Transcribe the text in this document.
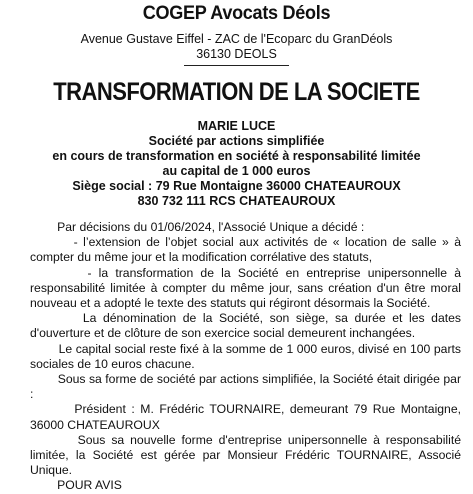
COGEP Avocats Déols
Avenue Gustave Eiffel - ZAC de l'Ecoparc du GranDéols
36130 DEOLS
TRANSFORMATION DE LA SOCIETE
MARIE LUCE
Société par actions simplifiée
en cours de transformation en société à responsabilité limitée
au capital de 1 000 euros
Siège social : 79 Rue Montaigne 36000 CHATEAUROUX
830 732 111 RCS CHATEAUROUX

Par décisions du 01/06/2024, l'Associé Unique a décidé :

- l’extension de l’objet social aux activités de « location de salle » à compter du même jour et la modification corrélative des statuts,

- la transformation de la Société en entreprise unipersonnelle à responsabilité limitée à compter du même jour, sans création d'un être moral nouveau et a adopté le texte des statuts qui régiront désormais la Société.

La dénomination de la Société, son siège, sa durée et les dates d'ouverture et de clôture de son exercice social demeurent inchangées.

Le capital social reste fixé à la somme de 1 000 euros, divisé en 100 parts sociales de 10 euros chacune.

Sous sa forme de société par actions simplifiée, la Société était dirigée par :

Président : M. Frédéric TOURNAIRE, demeurant 79 Rue Montaigne, 36000 CHATEAUROUX

Sous sa nouvelle forme d'entreprise unipersonnelle à responsabilité limitée, la Société est gérée par Monsieur Frédéric TOURNAIRE, Associé Unique.

POUR AVIS
